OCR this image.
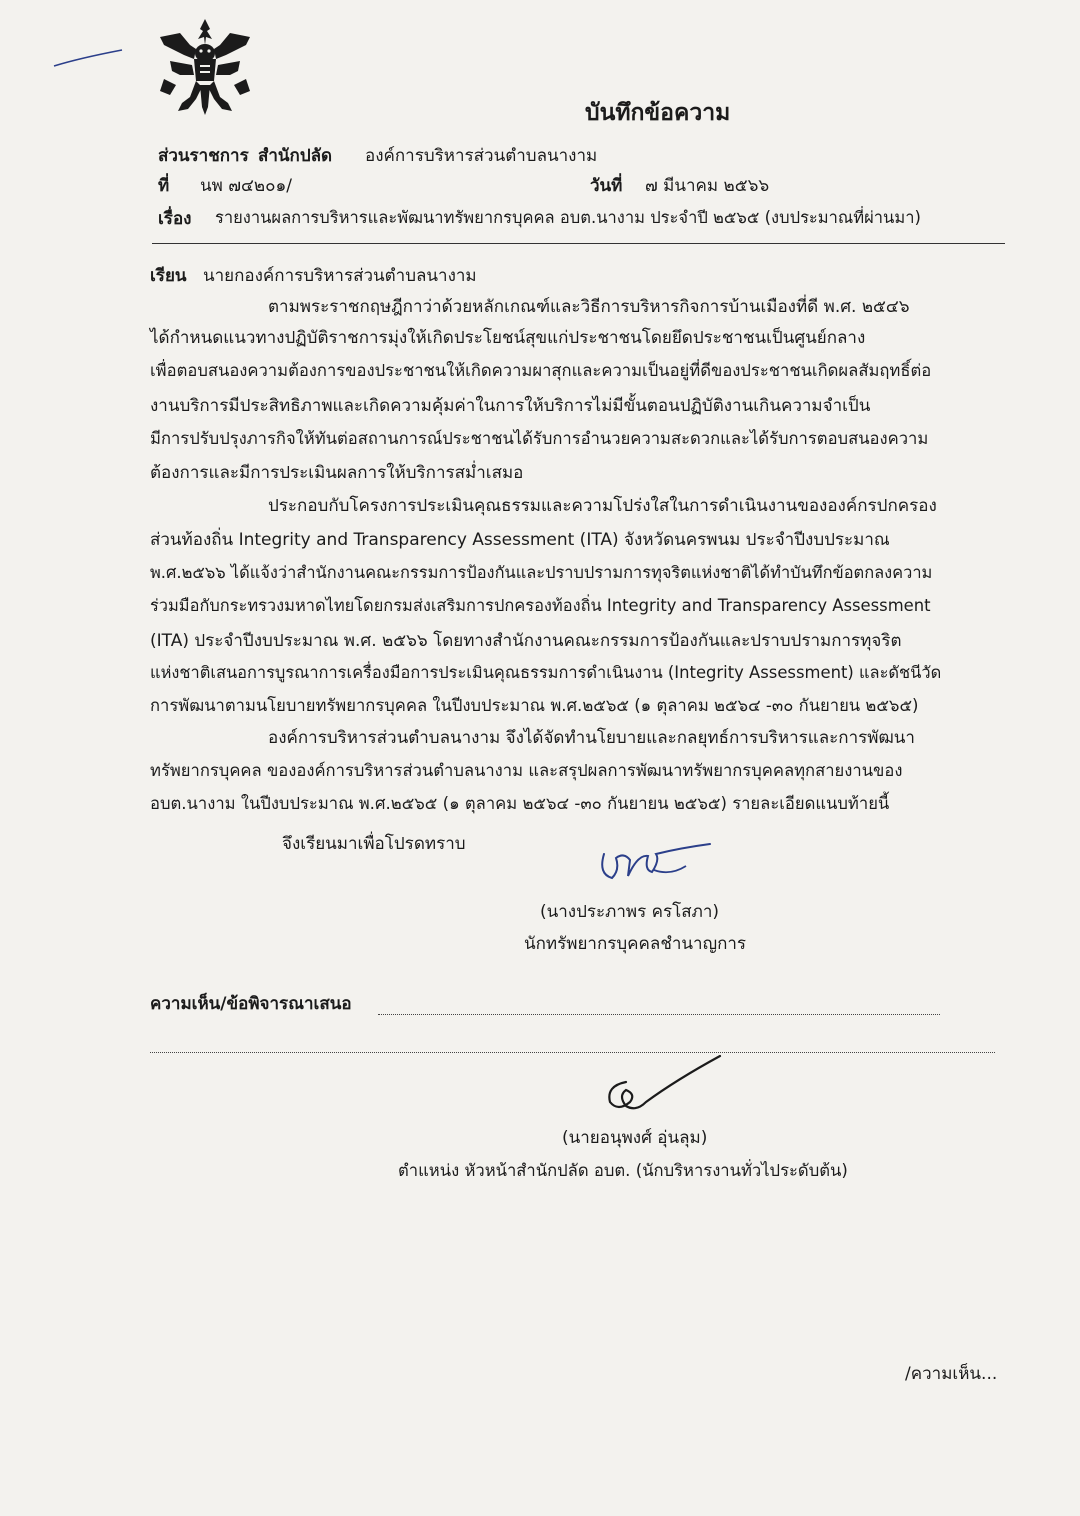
บันทึกข้อความ
ส่วนราชการ สำนักปลัด องค์การบริหารส่วนตำบลนางาม
ที่ นพ ๗๔๒๐๑/	วันที่ ๗ มีนาคม ๒๕๖๖
เรื่อง รายงานผลการบริหารและพัฒนาทรัพยากรบุคคล อบต.นางาม ประจำปี ๒๕๖๕ (งบประมาณที่ผ่านมา)
เรียน นายกองค์การบริหารส่วนตำบลนางาม
ตามพระราชกฤษฎีกาว่าด้วยหลักเกณฑ์และวิธีการบริหารกิจการบ้านเมืองที่ดี พ.ศ. ๒๕๔๖
ได้กำหนดแนวทางปฏิบัติราชการมุ่งให้เกิดประโยชน์สุขแก่ประชาชนโดยยึดประชาชนเป็นศูนย์กลาง
เพื่อตอบสนองความต้องการของประชาชนให้เกิดความผาสุกและความเป็นอยู่ที่ดีของประชาชนเกิดผลสัมฤทธิ์ต่อ
งานบริการมีประสิทธิภาพและเกิดความคุ้มค่าในการให้บริการไม่มีขั้นตอนปฏิบัติงานเกินความจำเป็น
มีการปรับปรุงภารกิจให้ทันต่อสถานการณ์ประชาชนได้รับการอำนวยความสะดวกและได้รับการตอบสนองความ
ต้องการและมีการประเมินผลการให้บริการสม่ำเสมอ
ประกอบกับโครงการประเมินคุณธรรมและความโปร่งใสในการดำเนินงานขององค์กรปกครอง
ส่วนท้องถิ่น Integrity and Transparency Assessment (ITA) จังหวัดนครพนม ประจำปีงบประมาณ
พ.ศ.๒๕๖๖ ได้แจ้งว่าสำนักงานคณะกรรมการป้องกันและปราบปรามการทุจริตแห่งชาติได้ทำบันทึกข้อตกลงความ
ร่วมมือกับกระทรวงมหาดไทยโดยกรมส่งเสริมการปกครองท้องถิ่น Integrity and Transparency Assessment
(ITA) ประจำปีงบประมาณ พ.ศ. ๒๕๖๖ โดยทางสำนักงานคณะกรรมการป้องกันและปราบปรามการทุจริต
แห่งชาติเสนอการบูรณาการเครื่องมือการประเมินคุณธรรมการดำเนินงาน (Integrity Assessment) และดัชนีวัด
การพัฒนาตามนโยบายทรัพยากรบุคคล ในปีงบประมาณ พ.ศ.๒๕๖๕ (๑ ตุลาคม ๒๕๖๔ -๓๐ กันยายน ๒๕๖๕)
องค์การบริหารส่วนตำบลนางาม จึงได้จัดทำนโยบายและกลยุทธ์การบริหารและการพัฒนา
ทรัพยากรบุคคล ขององค์การบริหารส่วนตำบลนางาม และสรุปผลการพัฒนาทรัพยากรบุคคลทุกสายงานของ
อบต.นางาม ในปีงบประมาณ พ.ศ.๒๕๖๕ (๑ ตุลาคม ๒๕๖๔ -๓๐ กันยายน ๒๕๖๕) รายละเอียดแนบท้ายนี้
จึงเรียนมาเพื่อโปรดทราบ
(นางประภาพร ครโสภา)
นักทรัพยากรบุคคลชำนาญการ
ความเห็น/ข้อพิจารณาเสนอ
(นายอนุพงศ์ อุ่นลุม)
ตำแหน่ง หัวหน้าสำนักปลัด อบต. (นักบริหารงานทั่วไประดับต้น)
/ความเห็น...
